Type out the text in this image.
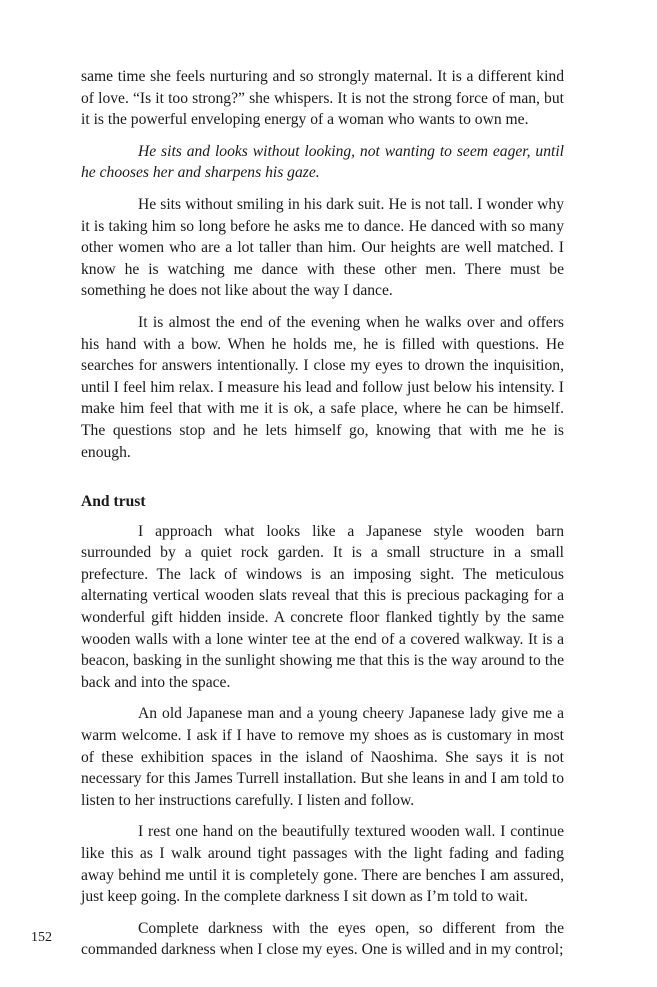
same time she feels nurturing and so strongly maternal. It is a different kind of love. “Is it too strong?” she whispers. It is not the strong force of man, but it is the powerful enveloping energy of a woman who wants to own me.

He sits and looks without looking, not wanting to seem eager, until he chooses her and sharpens his gaze.

He sits without smiling in his dark suit. He is not tall. I wonder why it is taking him so long before he asks me to dance. He danced with so many other women who are a lot taller than him. Our heights are well matched. I know he is watching me dance with these other men. There must be something he does not like about the way I dance.

It is almost the end of the evening when he walks over and offers his hand with a bow. When he holds me, he is filled with questions. He searches for answers intentionally. I close my eyes to drown the inquisition, until I feel him relax. I measure his lead and follow just below his intensity. I make him feel that with me it is ok, a safe place, where he can be himself. The questions stop and he lets himself go, knowing that with me he is enough.

And trust

I approach what looks like a Japanese style wooden barn surrounded by a quiet rock garden. It is a small structure in a small prefecture. The lack of windows is an imposing sight. The meticulous alternating vertical wooden slats reveal that this is precious packaging for a wonderful gift hidden inside. A concrete floor flanked tightly by the same wooden walls with a lone winter tee at the end of a covered walkway. It is a beacon, basking in the sunlight showing me that this is the way around to the back and into the space.

An old Japanese man and a young cheery Japanese lady give me a warm welcome. I ask if I have to remove my shoes as is customary in most of these exhibition spaces in the island of Naoshima. She says it is not necessary for this James Turrell installation. But she leans in and I am told to listen to her instructions carefully. I listen and follow.

I rest one hand on the beautifully textured wooden wall. I continue like this as I walk around tight passages with the light fading and fading away behind me until it is completely gone. There are benches I am assured, just keep going. In the complete darkness I sit down as I’m told to wait.

Complete darkness with the eyes open, so different from the commanded darkness when I close my eyes. One is willed and in my control;

152
